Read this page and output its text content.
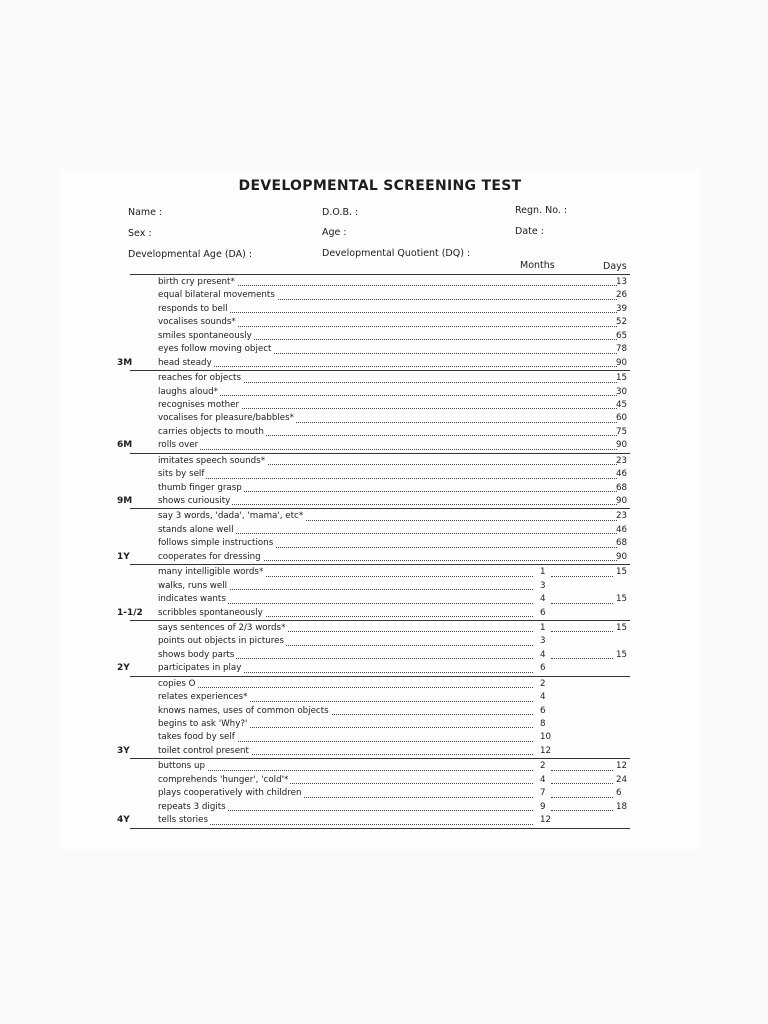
DEVELOPMENTAL SCREENING TEST
Name :	D.O.B. :	Regn. No. :
Sex :	Age :	Date :
Developmental Age (DA) :	Developmental Quotient (DQ) :
Months	Days
birth cry present*	13
equal bilateral movements	26
responds to bell	39
vocalises sounds*	52
smiles spontaneously	65
eyes follow moving object	78
3M	head steady	90
reaches for objects	15
laughs aloud*	30
recognises mother	45
vocalises for pleasure/babbles*	60
carries objects to mouth	75
6M	rolls over	90
imitates speech sounds*	23
sits by self	46
thumb finger grasp	68
9M	shows curiousity	90
say 3 words, 'dada', 'mama', etc*	23
stands alone well	46
follows simple instructions	68
1Y	cooperates for dressing	90
many intelligible words*	1	15
walks, runs well	3
indicates wants	4	15
1-1/2	scribbles spontaneously	6
says sentences of 2/3 words*	1	15
points out objects in pictures	3
shows body parts	4	15
2Y	participates in play	6
copies O	2
relates experiences*	4
knows names, uses of common objects	6
begins to ask 'Why?'	8
takes food by self	10
3Y	toilet control present	12
buttons up	2	12
comprehends 'hunger', 'cold'*	4	24
plays cooperatively with children	7	6
repeats 3 digits	9	18
4Y	tells stories	12
